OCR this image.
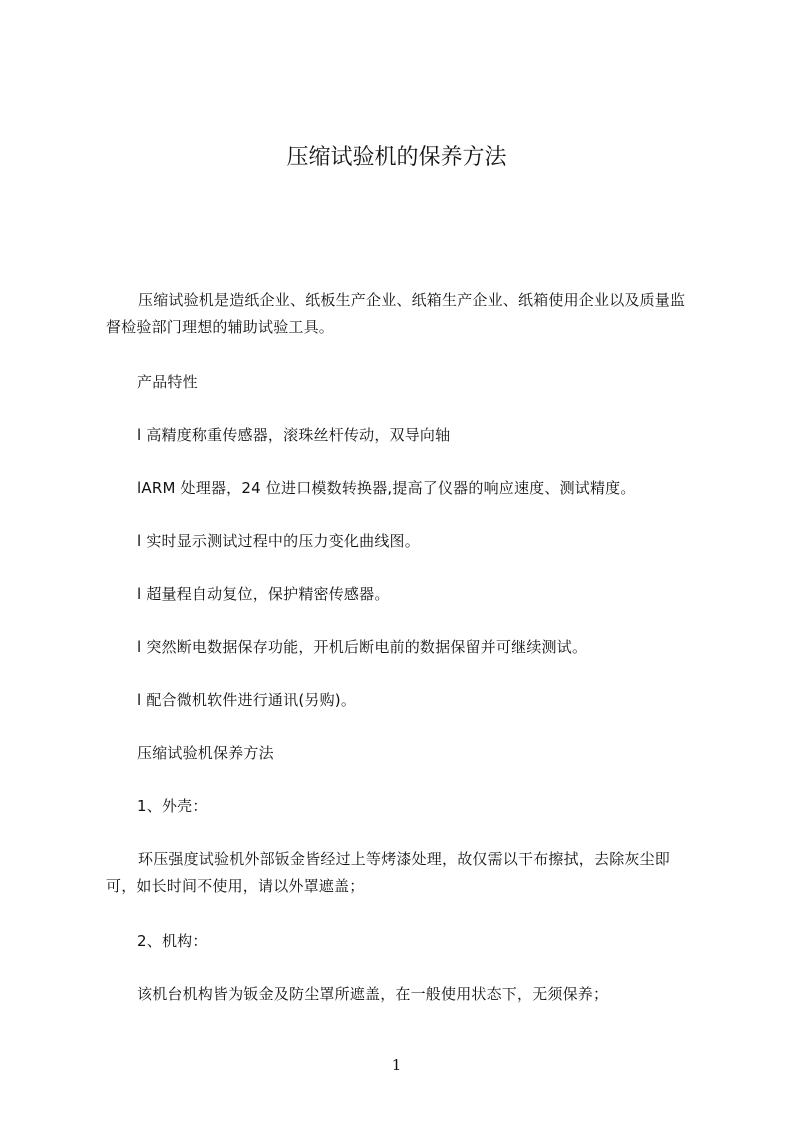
压缩试验机的保养方法

压缩试验机是造纸企业、纸板生产企业、纸箱生产企业、纸箱使用企业以及质量监督检验部门理想的辅助试验工具。

产品特性
l 高精度称重传感器，滚珠丝杆传动，双导向轴
lARM 处理器，24 位进口模数转换器,提高了仪器的响应速度、测试精度。
l 实时显示测试过程中的压力变化曲线图。
l 超量程自动复位，保护精密传感器。
l 突然断电数据保存功能，开机后断电前的数据保留并可继续测试。
l 配合微机软件进行通讯(另购)。
压缩试验机保养方法
1、外壳：

环压强度试验机外部钣金皆经过上等烤漆处理，故仅需以干布擦拭，去除灰尘即可，如长时间不使用，请以外罩遮盖；

2、机构：
该机台机构皆为钣金及防尘罩所遮盖，在一般使用状态下，无须保养；
1
